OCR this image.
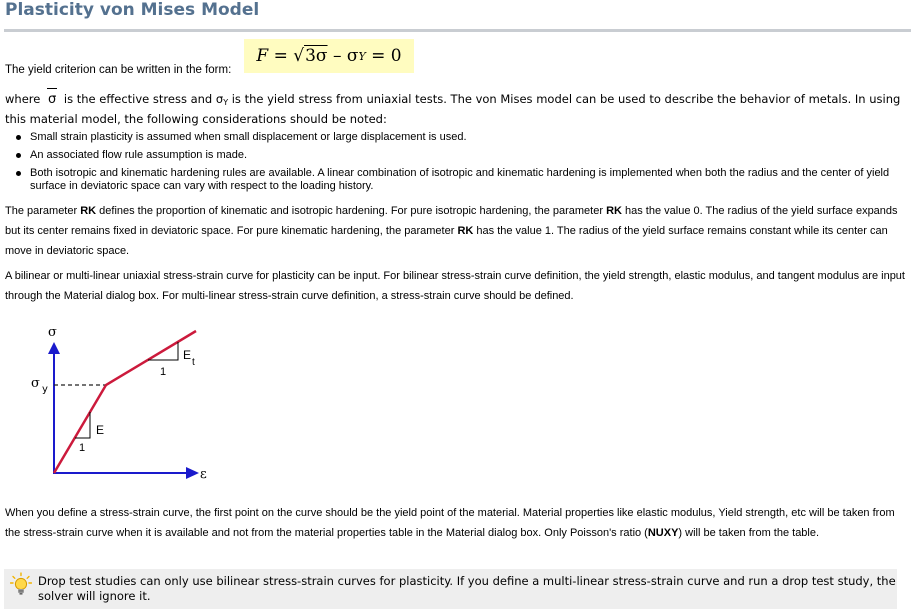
Plasticity von Mises Model
The yield criterion can be written in the form:
F
=
√3 $\overline{\sigma}$
–
σ Y
=
0
where σ is the effective stress and $\sigma_Y$ is the yield stress from uniaxial tests. The von Mises model can be used to describe the behavior of metals. In using this material model, the following considerations should be noted:
Small strain plasticity is assumed when small displacement or large displacement is used.
An associated flow rule assumption is made.
Both isotropic and kinematic hardening rules are available. A linear combination of isotropic and kinematic hardening is implemented when both the radius and the center of yield surface in deviatoric space can vary with respect to the loading history.

The parameter RK defines the proportion of kinematic and isotropic hardening. For pure isotropic hardening, the parameter RK has the value 0. The radius of the yield surface expands but its center remains fixed in deviatoric space. For pure kinematic hardening, the parameter RK has the value 1. The radius of the yield surface remains constant while its center can move in deviatoric space.

A bilinear or multi-linear uniaxial stress-strain curve for plasticity can be input. For bilinear stress-strain curve definition, the yield strength, elastic modulus, and tangent modulus are input through the Material dialog box. For multi-linear stress-strain curve definition, a stress-strain curve should be defined.

σ
ε
σ y
E
1
E
t
1

When you define a stress-strain curve, the first point on the curve should be the yield point of the material. Material properties like elastic modulus, Yield strength, etc will be taken from the stress-strain curve when it is available and not from the material properties table in the Material dialog box. Only Poisson's ratio (NUXY) will be taken from the table.

Drop test studies can only use bilinear stress-strain curves for plasticity. If you define a multi-linear stress-strain curve and run a drop test study, the solver will ignore it.
